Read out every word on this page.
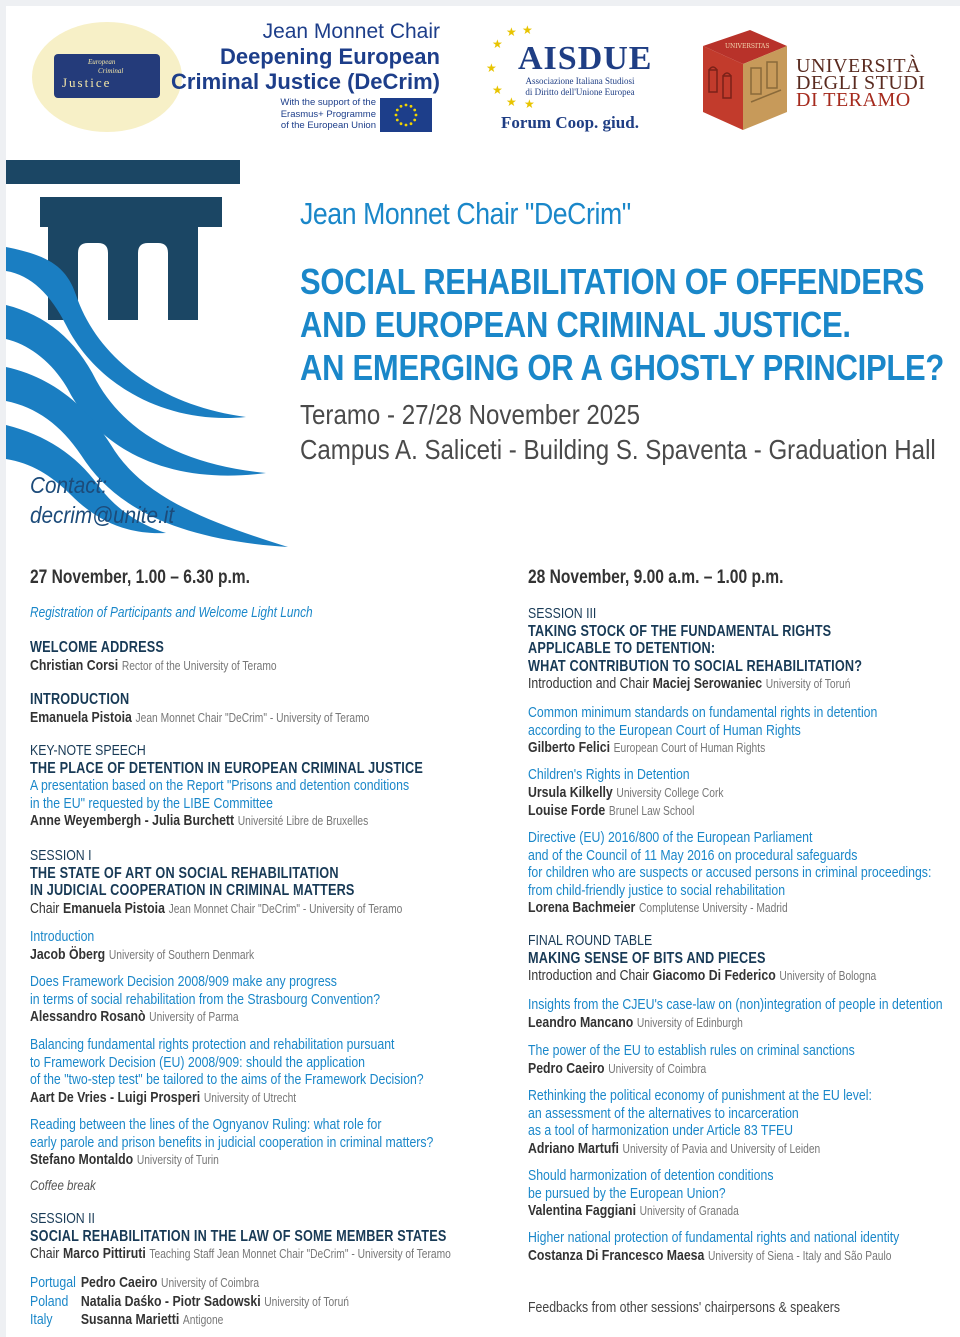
European
Criminal
Justice
Jean Monnet Chair
Deepening European
Criminal Justice (DeCrim)
With the support of the
Erasmus+ Programme
of the European Union
★ ★
★
★
★
★ ★
AISDUE
Associazione Italiana Studiosi
di Diritto dell'Unione Europea
Forum Coop. giud.
UNIVERSITAS
UNIVERSITÀ
DEGLI STUDI
DI TERAMO
Jean Monnet Chair "DeCrim"
SOCIAL REHABILITATION OF OFFENDERS
AND EUROPEAN CRIMINAL JUSTICE.
AN EMERGING OR A GHOSTLY PRINCIPLE?
Teramo - 27/28 November 2025
Campus A. Saliceti - Building S. Spaventa - Graduation Hall
Contact:
decrim@unite.it
27 November, 1.00 – 6.30 p.m.
Registration of Participants and Welcome Light Lunch
WELCOME ADDRESS
Christian Corsi Rector of the University of Teramo
INTRODUCTION
Emanuela Pistoia Jean Monnet Chair "DeCrim" - University of Teramo
KEY-NOTE SPEECH
THE PLACE OF DETENTION IN EUROPEAN CRIMINAL JUSTICE
A presentation based on the Report "Prisons and detention conditions
in the EU" requested by the LIBE Committee
Anne Weyembergh - Julia Burchett Université Libre de Bruxelles
SESSION I
THE STATE OF ART ON SOCIAL REHABILITATION
IN JUDICIAL COOPERATION IN CRIMINAL MATTERS
Chair Emanuela Pistoia Jean Monnet Chair "DeCrim" - University of Teramo
Introduction
Jacob Öberg University of Southern Denmark
Does Framework Decision 2008/909 make any progress
in terms of social rehabilitation from the Strasbourg Convention?
Alessandro Rosanò University of Parma
Balancing fundamental rights protection and rehabilitation pursuant
to Framework Decision (EU) 2008/909: should the application
of the "two-step test" be tailored to the aims of the Framework Decision?
Aart De Vries - Luigi Prosperi University of Utrecht
Reading between the lines of the Ognyanov Ruling: what role for
early parole and prison benefits in judicial cooperation in criminal matters?
Stefano Montaldo University of Turin
Coffee break
SESSION II
SOCIAL REHABILITATION IN THE LAW OF SOME MEMBER STATES
Chair Marco Pittiruti Teaching Staff Jean Monnet Chair "DeCrim" - University of Teramo
Portugal Pedro Caeiro University of Coimbra
Poland Natalia Daśko - Piotr Sadowski University of Toruń
Italy Susanna Marietti Antigone
28 November, 9.00 a.m. – 1.00 p.m.
SESSION III
TAKING STOCK OF THE FUNDAMENTAL RIGHTS
APPLICABLE TO DETENTION:
WHAT CONTRIBUTION TO SOCIAL REHABILITATION?
Introduction and Chair Maciej Serowaniec University of Toruń
Common minimum standards on fundamental rights in detention
according to the European Court of Human Rights
Gilberto Felici European Court of Human Rights
Children's Rights in Detention
Ursula Kilkelly University College Cork
Louise Forde Brunel Law School
Directive (EU) 2016/800 of the European Parliament
and of the Council of 11 May 2016 on procedural safeguards
for children who are suspects or accused persons in criminal proceedings:
from child-friendly justice to social rehabilitation
Lorena Bachmeier Complutense University - Madrid
FINAL ROUND TABLE
MAKING SENSE OF BITS AND PIECES
Introduction and Chair Giacomo Di Federico University of Bologna
Insights from the CJEU's case-law on (non)integration of people in detention
Leandro Mancano University of Edinburgh
The power of the EU to establish rules on criminal sanctions
Pedro Caeiro University of Coimbra
Rethinking the political economy of punishment at the EU level:
an assessment of the alternatives to incarceration
as a tool of harmonization under Article 83 TFEU
Adriano Martufi University of Pavia and University of Leiden
Should harmonization of detention conditions
be pursued by the European Union?
Valentina Faggiani University of Granada
Higher national protection of fundamental rights and national identity
Costanza Di Francesco Maesa University of Siena - Italy and São Paulo
Feedbacks from other sessions' chairpersons & speakers
